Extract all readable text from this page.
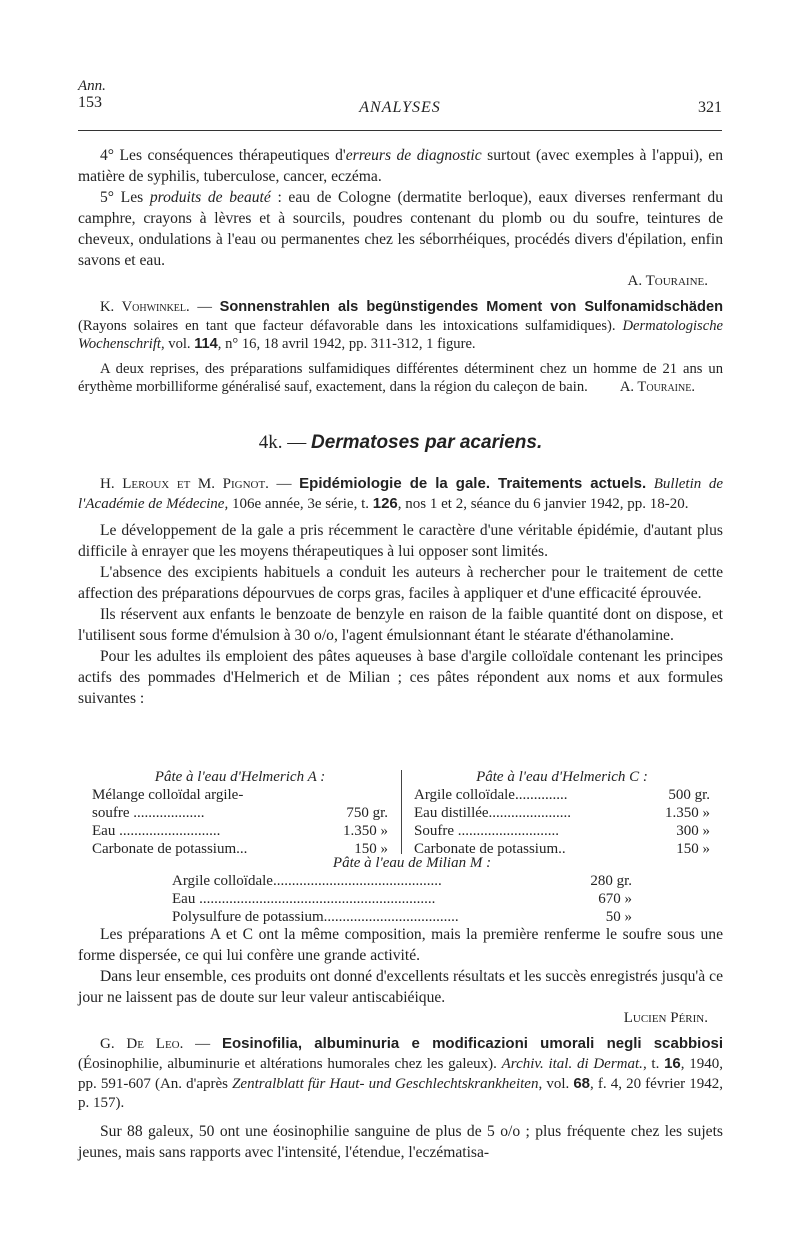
Ann.
153	ANALYSES	321

4° Les conséquences thérapeutiques d'erreurs de diagnostic surtout (avec exemples à l'appui), en matière de syphilis, tuberculose, cancer, eczéma.

5° Les produits de beauté : eau de Cologne (dermatite berloque), eaux diverses renfermant du camphre, crayons à lèvres et à sourcils, poudres contenant du plomb ou du soufre, teintures de cheveux, ondulations à l'eau ou permanentes chez les séborrhéiques, procédés divers d'épilation, enfin savons et eau.

A. Touraine.

K. Vohwinkel. — Sonnenstrahlen als begünstigendes Moment von Sulfonamidschäden (Rayons solaires en tant que facteur défavorable dans les intoxications sulfamidiques). Dermatologische Wochenschrift, vol. 114, n° 16, 18 avril 1942, pp. 311-312, 1 figure.

A deux reprises, des préparations sulfamidiques différentes déterminent chez un homme de 21 ans un érythème morbilliforme généralisé sauf, exactement, dans la région du caleçon de bain.	A. Touraine.

4k. — Dermatoses par acariens.

H. Leroux et M. Pignot. — Epidémiologie de la gale. Traitements actuels. Bulletin de l'Académie de Médecine, 106e année, 3e série, t. 126, nos 1 et 2, séance du 6 janvier 1942, pp. 18-20.

Le développement de la gale a pris récemment le caractère d'une véritable épidémie, d'autant plus difficile à enrayer que les moyens thérapeutiques à lui opposer sont limités.

L'absence des excipients habituels a conduit les auteurs à rechercher pour le traitement de cette affection des préparations dépourvues de corps gras, faciles à appliquer et d'une efficacité éprouvée.

Ils réservent aux enfants le benzoate de benzyle en raison de la faible quantité dont on dispose, et l'utilisent sous forme d'émulsion à 30 o/o, l'agent émulsionnant étant le stéarate d'éthanolamine.

Pour les adultes ils emploient des pâtes aqueuses à base d'argile colloïdale contenant les principes actifs des pommades d'Helmerich et de Milian ; ces pâtes répondent aux noms et aux formules suivantes :

Pâte à l'eau d'Helmerich A :
Mélange colloïdal argile-
soufre ...................	750 gr.
Eau ...........................	1.350 »
Carbonate de potassium...	150 »
Pâte à l'eau d'Helmerich C :
Argile colloïdale..............	500 gr.
Eau distillée......................	1.350 »
Soufre ...........................	300 »
Carbonate de potassium..	150 »
Pâte à l'eau de Milian M :
Argile colloïdale.............................................	280 gr.
Eau ...............................................................	670 »
Polysulfure de potassium....................................	50 »

Les préparations A et C ont la même composition, mais la première renferme le soufre sous une forme dispersée, ce qui lui confère une grande activité.

Dans leur ensemble, ces produits ont donné d'excellents résultats et les succès enregistrés jusqu'à ce jour ne laissent pas de doute sur leur valeur antiscabiéique.

Lucien Périn.

G. De Leo. — Eosinofilia, albuminuria e modificazioni umorali negli scabbiosi (Éosinophilie, albuminurie et altérations humorales chez les galeux). Archiv. ital. di Dermat., t. 16, 1940, pp. 591-607 (An. d'après Zentralblatt für Haut- und Geschlechtskrankheiten, vol. 68, f. 4, 20 février 1942, p. 157).

Sur 88 galeux, 50 ont une éosinophilie sanguine de plus de 5 o/o ; plus fréquente chez les sujets jeunes, mais sans rapports avec l'intensité, l'étendue, l'eczématisa-
